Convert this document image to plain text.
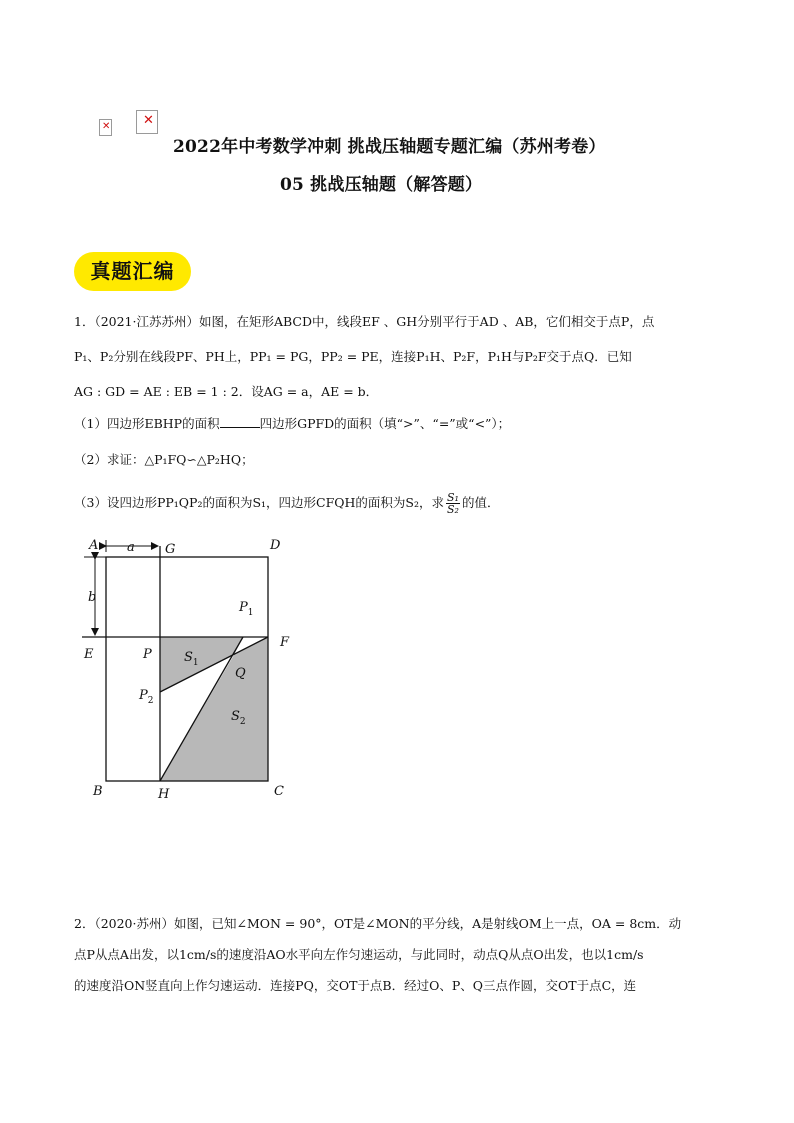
✕	✕
2022年中考数学冲刺 挑战压轴题专题汇编（苏州考卷）
05 挑战压轴题（解答题）
真题汇编
1．（2021·江苏苏州）如图，在矩形ABCD中，线段EF 、GH分别平行于AD 、AB，它们相交于点P，点
P₁、P₂分别在线段PF、PH上，PP₁ = PG，PP₂ = PE，连接P₁H、P₂F，P₁H与P₂F交于点Q．已知
AG : GD = AE : EB = 1 : 2．设AG = a，AE = b．
（1）四边形EBHP的面积	四边形GPFD的面积（填“>”、“=”或“<”）；
（2）求证：△P₁FQ∽△P₂HQ；
（3）设四边形PP₁QP₂的面积为S₁，四边形CFQH的面积为S₂，求 $\frac{\text{S₁}}{\text{S₂}}$ 的值．
A	G	D
E	P
F
B	H	C
Q
a
b
$P_1$
$P_2$
$S_1$
$S_2$
2．（2020·苏州）如图，已知∠MON = 90°，OT是∠MON的平分线，A是射线OM上一点，OA = 8cm．动
点P从点A出发，以1cm/s的速度沿AO水平向左作匀速运动，与此同时，动点Q从点O出发，也以1cm/s
的速度沿ON竖直向上作匀速运动．连接PQ，交OT于点B．经过O、P、Q三点作圆，交OT于点C，连
